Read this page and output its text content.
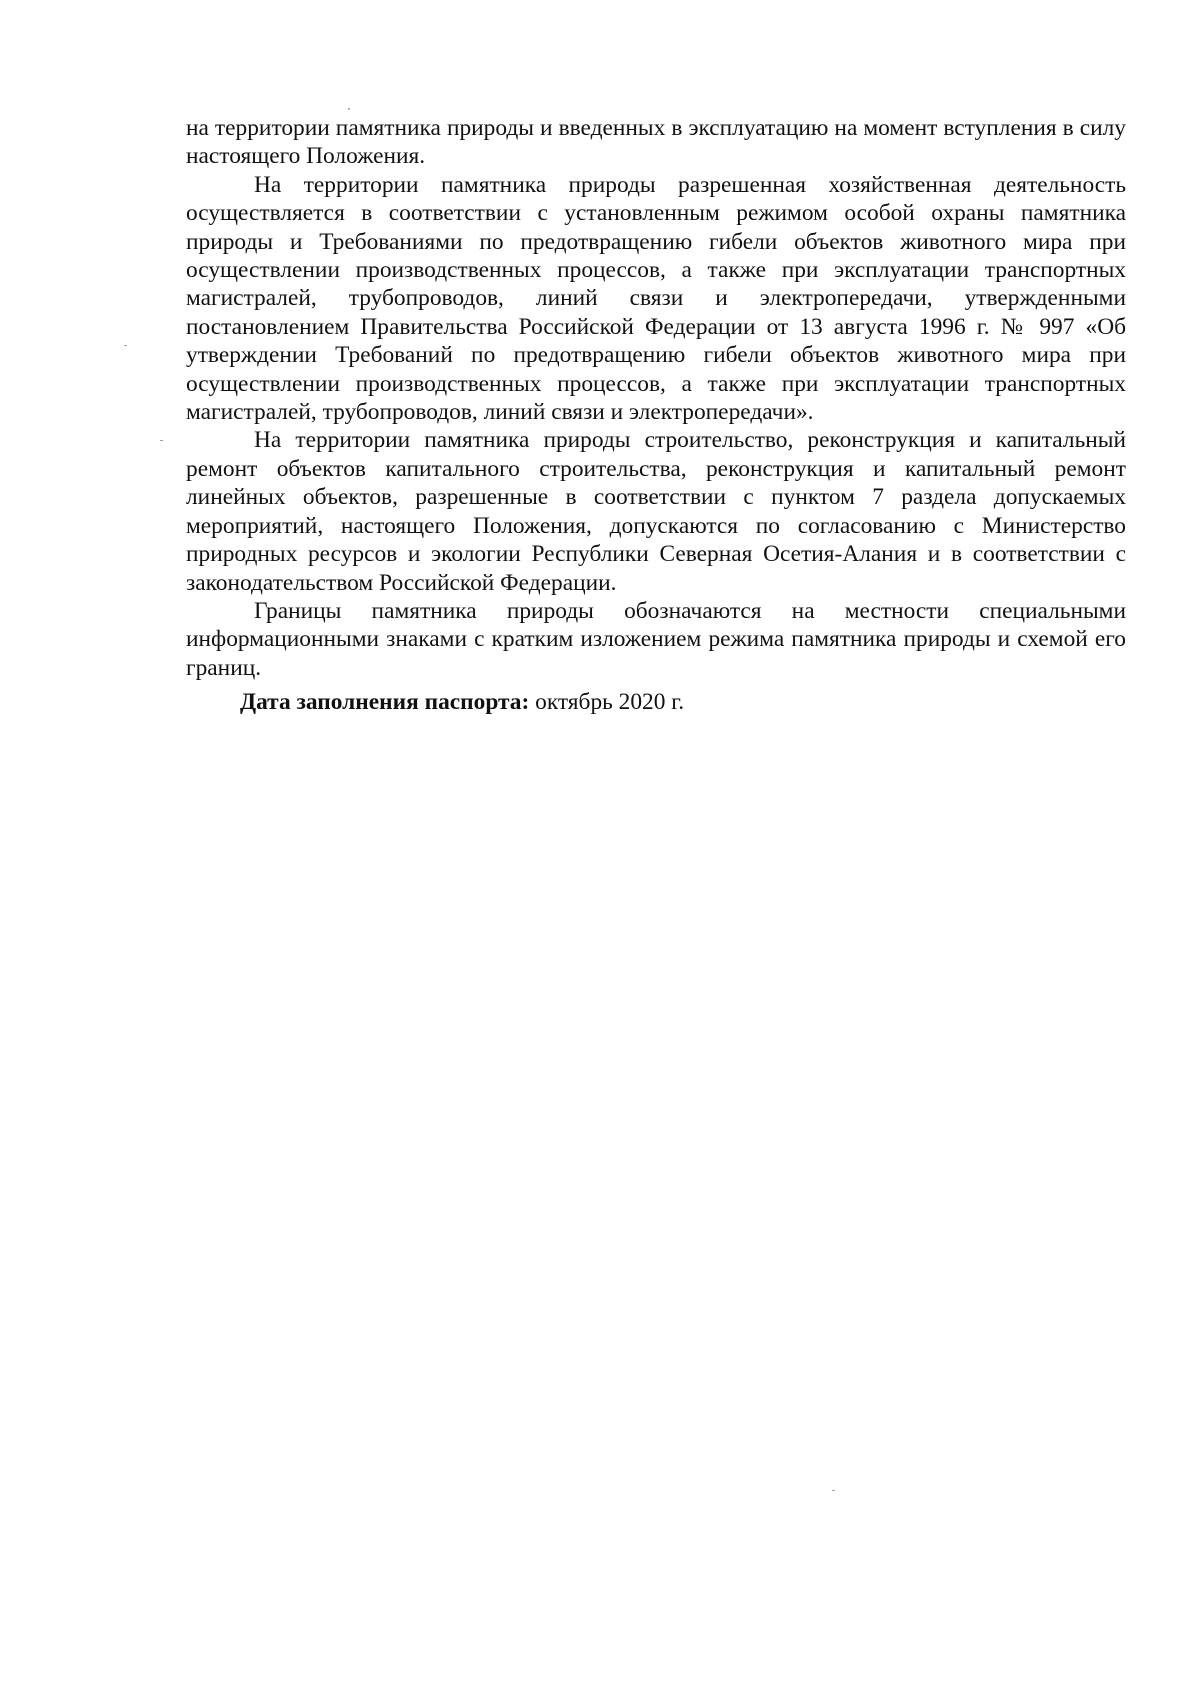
на территории памятника природы и введенных в эксплуатацию на момент вступления в силу настоящего Положения.

На территории памятника природы разрешенная хозяйственная деятельность осуществляется в соответствии с установленным режимом особой охраны памятника природы и Требованиями по предотвращению гибели объектов животного мира при осуществлении производственных процессов, а также при эксплуатации транспортных магистралей, трубопроводов, линий связи и электропередачи, утвержденными постановлением Правительства Российской Федерации от 13 августа 1996 г. № 997 «Об утверждении Требований по предотвращению гибели объектов животного мира при осуществлении производственных процессов, а также при эксплуатации транспортных магистралей, трубопроводов, линий связи и электропередачи».

На территории памятника природы строительство, реконструкция и капитальный ремонт объектов капитального строительства, реконструкция и капитальный ремонт линейных объектов, разрешенные в соответствии с пунктом 7 раздела допускаемых мероприятий, настоящего Положения, допускаются по согласованию с Министерство природных ресурсов и экологии Республики Северная Осетия-Алания и в соответствии с законодательством Российской Федерации.

Границы памятника природы обозначаются на местности специальными информационными знаками с кратким изложением режима памятника природы и схемой его границ.

Дата заполнения паспорта: октябрь 2020 г.
